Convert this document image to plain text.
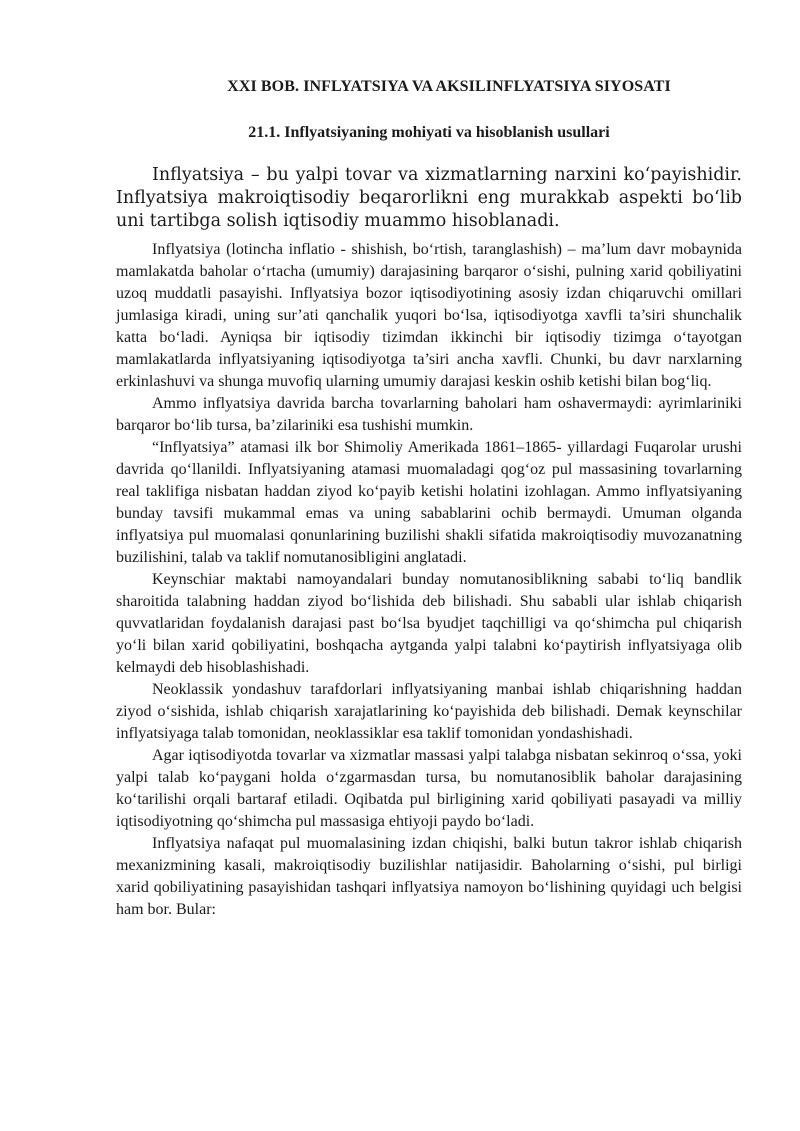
XXI BOB. INFLYATSIYA VA AKSILINFLYATSIYA SIYOSATI

21.1. Inflyatsiyaning mohiyati va hisoblanish usullari

Inflyatsiya – bu yalpi tovar va xizmatlarning narxini ko‘payishidir. Inflyatsiya makroiqtisodiy beqarorlikni eng murakkab aspekti bo‘lib uni tartibga solish iqtisodiy muammo hisoblanadi.

Inflyatsiya (lotincha inflatio - shishish, bo‘rtish, taranglashish) – ma’lum davr mobaynida mamlakatda baholar o‘rtacha (umumiy) darajasining barqaror o‘sishi, pulning xarid qobiliyatini uzoq muddatli pasayishi. Inflyatsiya bozor iqtisodiyotining asosiy izdan chiqaruvchi omillari jumlasiga kiradi, uning sur’ati qanchalik yuqori bo‘lsa, iqtisodiyotga xavfli ta’siri shunchalik katta bo‘ladi. Ayniqsa bir iqtisodiy tizimdan ikkinchi bir iqtisodiy tizimga o‘tayotgan mamlakatlarda inflyatsiyaning iqtisodiyotga ta’siri ancha xavfli. Chunki, bu davr narxlarning erkinlashuvi va shunga muvofiq ularning umumiy darajasi keskin oshib ketishi bilan bog‘liq.

Ammo inflyatsiya davrida barcha tovarlarning baholari ham oshavermaydi: ayrimlariniki barqaror bo‘lib tursa, ba’zilariniki esa tushishi mumkin.

“Inflyatsiya” atamasi ilk bor Shimoliy Amerikada 1861–1865- yillardagi Fuqarolar urushi davrida qo‘llanildi. Inflyatsiyaning atamasi muomaladagi qog‘oz pul massasining tovarlarning real taklifiga nisbatan haddan ziyod ko‘payib ketishi holatini izohlagan. Ammo inflyatsiyaning bunday tavsifi mukammal emas va uning sabablarini ochib bermaydi. Umuman olganda inflyatsiya pul muomalasi qonunlarining buzilishi shakli sifatida makroiqtisodiy muvozanatning buzilishini, talab va taklif nomutanosibligini anglatadi.

Keynschiar maktabi namoyandalari bunday nomutanosiblikning sababi to‘liq bandlik sharoitida talabning haddan ziyod bo‘lishida deb bilishadi. Shu sababli ular ishlab chiqarish quvvatlaridan foydalanish darajasi past bo‘lsa byudjet taqchilligi va qo‘shimcha pul chiqarish yo‘li bilan xarid qobiliyatini, boshqacha aytganda yalpi talabni ko‘paytirish inflyatsiyaga olib kelmaydi deb hisoblashishadi.

Neoklassik yondashuv tarafdorlari inflyatsiyaning manbai ishlab chiqarishning haddan ziyod o‘sishida, ishlab chiqarish xarajatlarining ko‘payishida deb bilishadi. Demak keynschilar inflyatsiyaga talab tomonidan, neoklassiklar esa taklif tomonidan yondashishadi.

Agar iqtisodiyotda tovarlar va xizmatlar massasi yalpi talabga nisbatan sekinroq o‘ssa, yoki yalpi talab ko‘paygani holda o‘zgarmasdan tursa, bu nomutanosiblik baholar darajasining ko‘tarilishi orqali bartaraf etiladi. Oqibatda pul birligining xarid qobiliyati pasayadi va milliy iqtisodiyotning qo‘shimcha pul massasiga ehtiyoji paydo bo‘ladi.

Inflyatsiya nafaqat pul muomalasining izdan chiqishi, balki butun takror ishlab chiqarish mexanizmining kasali, makroiqtisodiy buzilishlar natijasidir. Baholarning o‘sishi, pul birligi xarid qobiliyatining pasayishidan tashqari inflyatsiya namoyon bo‘lishining quyidagi uch belgisi ham bor. Bular:
